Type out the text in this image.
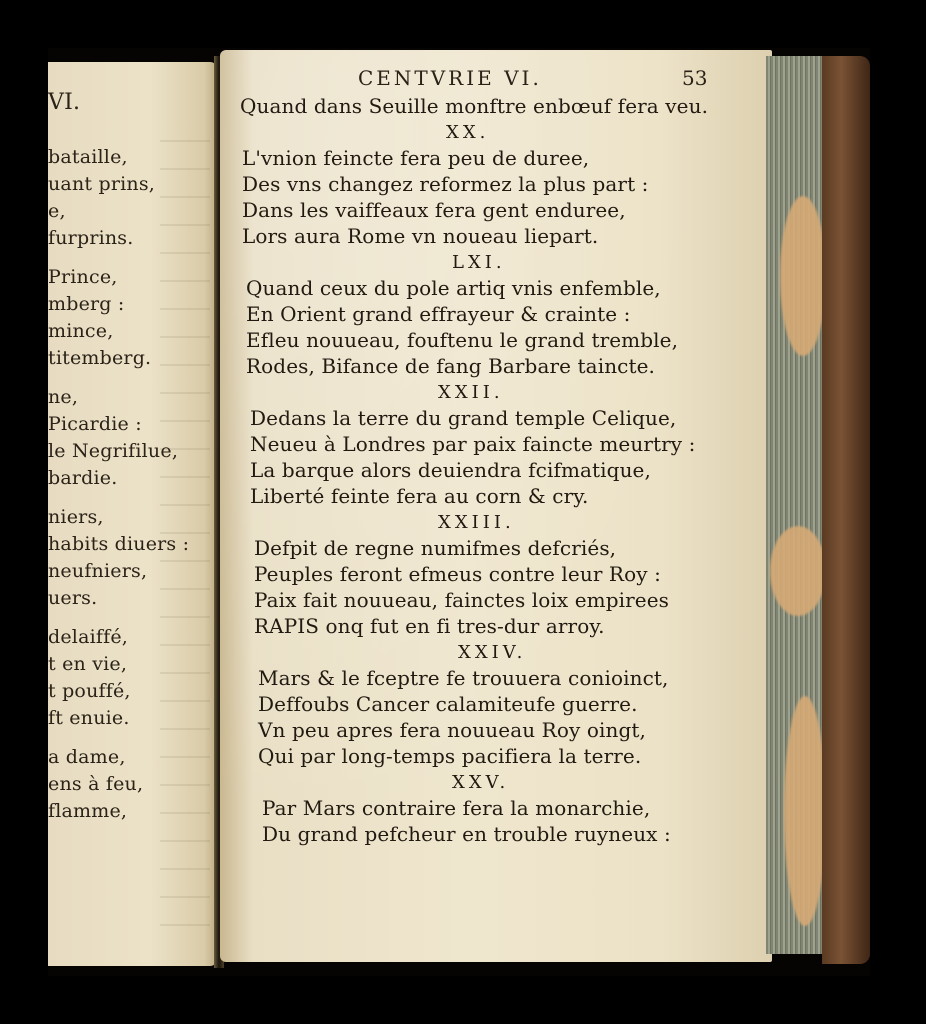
VI.
bataille,
uant prins,
e,
furprins.
Prince,
mberg :
mince,
titemberg.
ne,
Picardie :
le Negrifilue,
bardie.
niers,
habits diuers :
neufniers,
uers.
delaiffé,
t en vie,
t pouffé,
ft enuie.
a dame,
ens à feu,
flamme,
CENTVRIE VI.	53
Quand dans Seuille monftre enbœuf fera veu.
XX.
L'vnion feincte fera peu de duree,
Des vns changez reformez la plus part :
Dans les vaiffeaux fera gent enduree,
Lors aura Rome vn noueau liepart.
LXI.
Quand ceux du pole artiq vnis enfemble,
En Orient grand effrayeur & crainte :
Efleu nouueau, fouftenu le grand tremble,
Rodes, Bifance de fang Barbare taincte.
XXII.
Dedans la terre du grand temple Celique,
Neueu à Londres par paix faincte meurtry :
La barque alors deuiendra fcifmatique,
Liberté feinte fera au corn & cry.
XXIII.
Defpit de regne numifmes defcriés,
Peuples feront efmeus contre leur Roy :
Paix fait nouueau, fainctes loix empirees
RAPIS onq fut en fi tres-dur arroy.
XXIV.
Mars & le fceptre fe trouuera conioinct,
Deffoubs Cancer calamiteufe guerre.
Vn peu apres fera nouueau Roy oingt,
Qui par long-temps pacifiera la terre.
XXV.
Par Mars contraire fera la monarchie,
Du grand pefcheur en trouble ruyneux :
